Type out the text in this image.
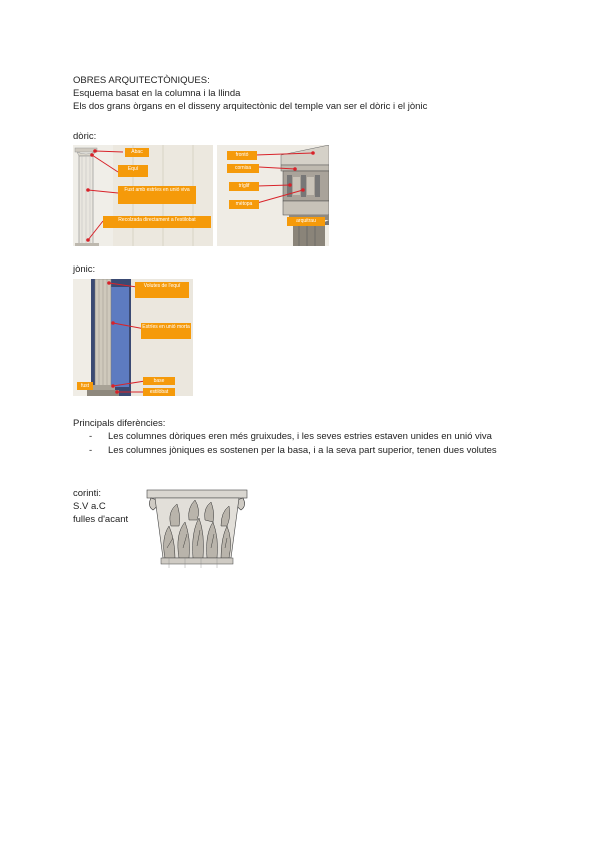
OBRES ARQUITECTÒNIQUES:
Esquema basat en la columna i la llinda
Els dos grans òrgans en el disseny arquitectònic del temple van ser el dòric i el jònic
dòric:
Àbac
Equí
Fust amb estríes en unió viva
Recolzada directament a l'estilobat
frontó
cornisa
tríglif
mètopa
arquitrau
jònic:
Volutes de l'equí
Estríes en unió morta
base
estilòbat
fust
Principals diferències:
- Les columnes dòriques eren més gruixudes, i les seves estries estaven unides en unió viva
- Les columnes jòniques es sostenen per la basa, i a la seva part superior, tenen dues volutes
corinti:
S.V a.C
fulles d'acant
